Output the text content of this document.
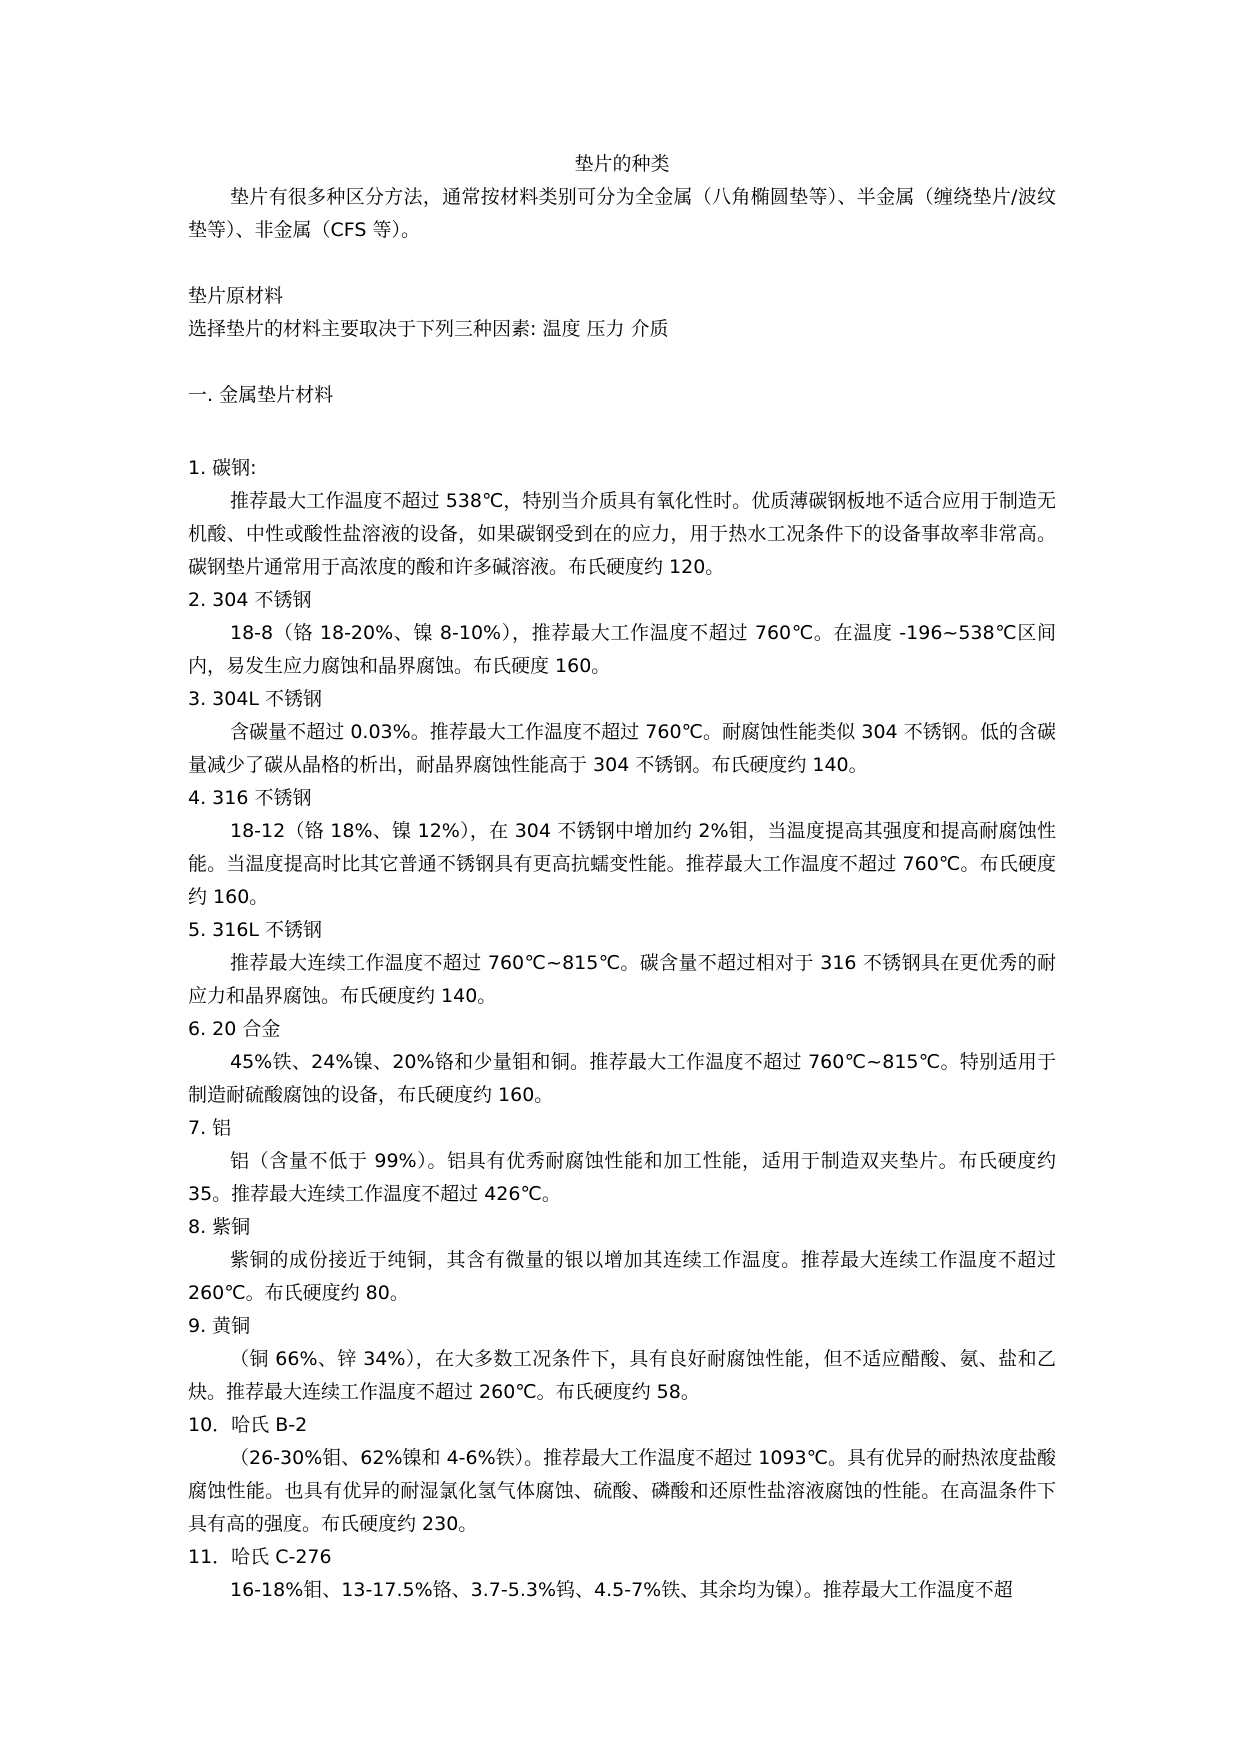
垫片的种类

垫片有很多种区分方法，通常按材料类别可分为全金属（八角椭圆垫等）、半金属（缠绕垫片/波纹垫等）、非金属（CFS 等）。

垫片原材料
选择垫片的材料主要取决于下列三种因素: 温度 压力 介质
一. 金属垫片材料
1. 碳钢:

推荐最大工作温度不超过 538℃，特别当介质具有氧化性时。优质薄碳钢板地不适合应用于制造无机酸、中性或酸性盐溶液的设备，如果碳钢受到在的应力，用于热水工况条件下的设备事故率非常高。碳钢垫片通常用于高浓度的酸和许多碱溶液。布氏硬度约 120。

2. 304 不锈钢

18-8（铬 18-20%、镍 8-10%），推荐最大工作温度不超过 760℃。在温度 -196~538℃区间内，易发生应力腐蚀和晶界腐蚀。布氏硬度 160。

3. 304L 不锈钢

含碳量不超过 0.03%。推荐最大工作温度不超过 760℃。耐腐蚀性能类似 304 不锈钢。低的含碳量减少了碳从晶格的析出，耐晶界腐蚀性能高于 304 不锈钢。布氏硬度约 140。

4. 316 不锈钢

18-12（铬 18%、镍 12%），在 304 不锈钢中增加约 2%钼，当温度提高其强度和提高耐腐蚀性能。当温度提高时比其它普通不锈钢具有更高抗蠕变性能。推荐最大工作温度不超过 760℃。布氏硬度约 160。

5. 316L 不锈钢

推荐最大连续工作温度不超过 760℃~815℃。碳含量不超过相对于 316 不锈钢具在更优秀的耐应力和晶界腐蚀。布氏硬度约 140。

6. 20 合金

45%铁、24%镍、20%铬和少量钼和铜。推荐最大工作温度不超过 760℃~815℃。特别适用于制造耐硫酸腐蚀的设备，布氏硬度约 160。

7. 铝

铝（含量不低于 99%）。铝具有优秀耐腐蚀性能和加工性能，适用于制造双夹垫片。布氏硬度约 35。推荐最大连续工作温度不超过 426℃。

8. 紫铜

紫铜的成份接近于纯铜，其含有微量的银以增加其连续工作温度。推荐最大连续工作温度不超过 260℃。布氏硬度约 80。

9. 黄铜

（铜 66%、锌 34%），在大多数工况条件下，具有良好耐腐蚀性能，但不适应醋酸、氨、盐和乙炔。推荐最大连续工作温度不超过 260℃。布氏硬度约 58。

10．哈氏 B-2

（26-30%钼、62%镍和 4-6%铁）。推荐最大工作温度不超过 1093℃。具有优异的耐热浓度盐酸腐蚀性能。也具有优异的耐湿氯化氢气体腐蚀、硫酸、磷酸和还原性盐溶液腐蚀的性能。在高温条件下具有高的强度。布氏硬度约 230。

11．哈氏 C-276

16-18%钼、13-17.5%铬、3.7-5.3%钨、4.5-7%铁、其余均为镍）。推荐最大工作温度不超
